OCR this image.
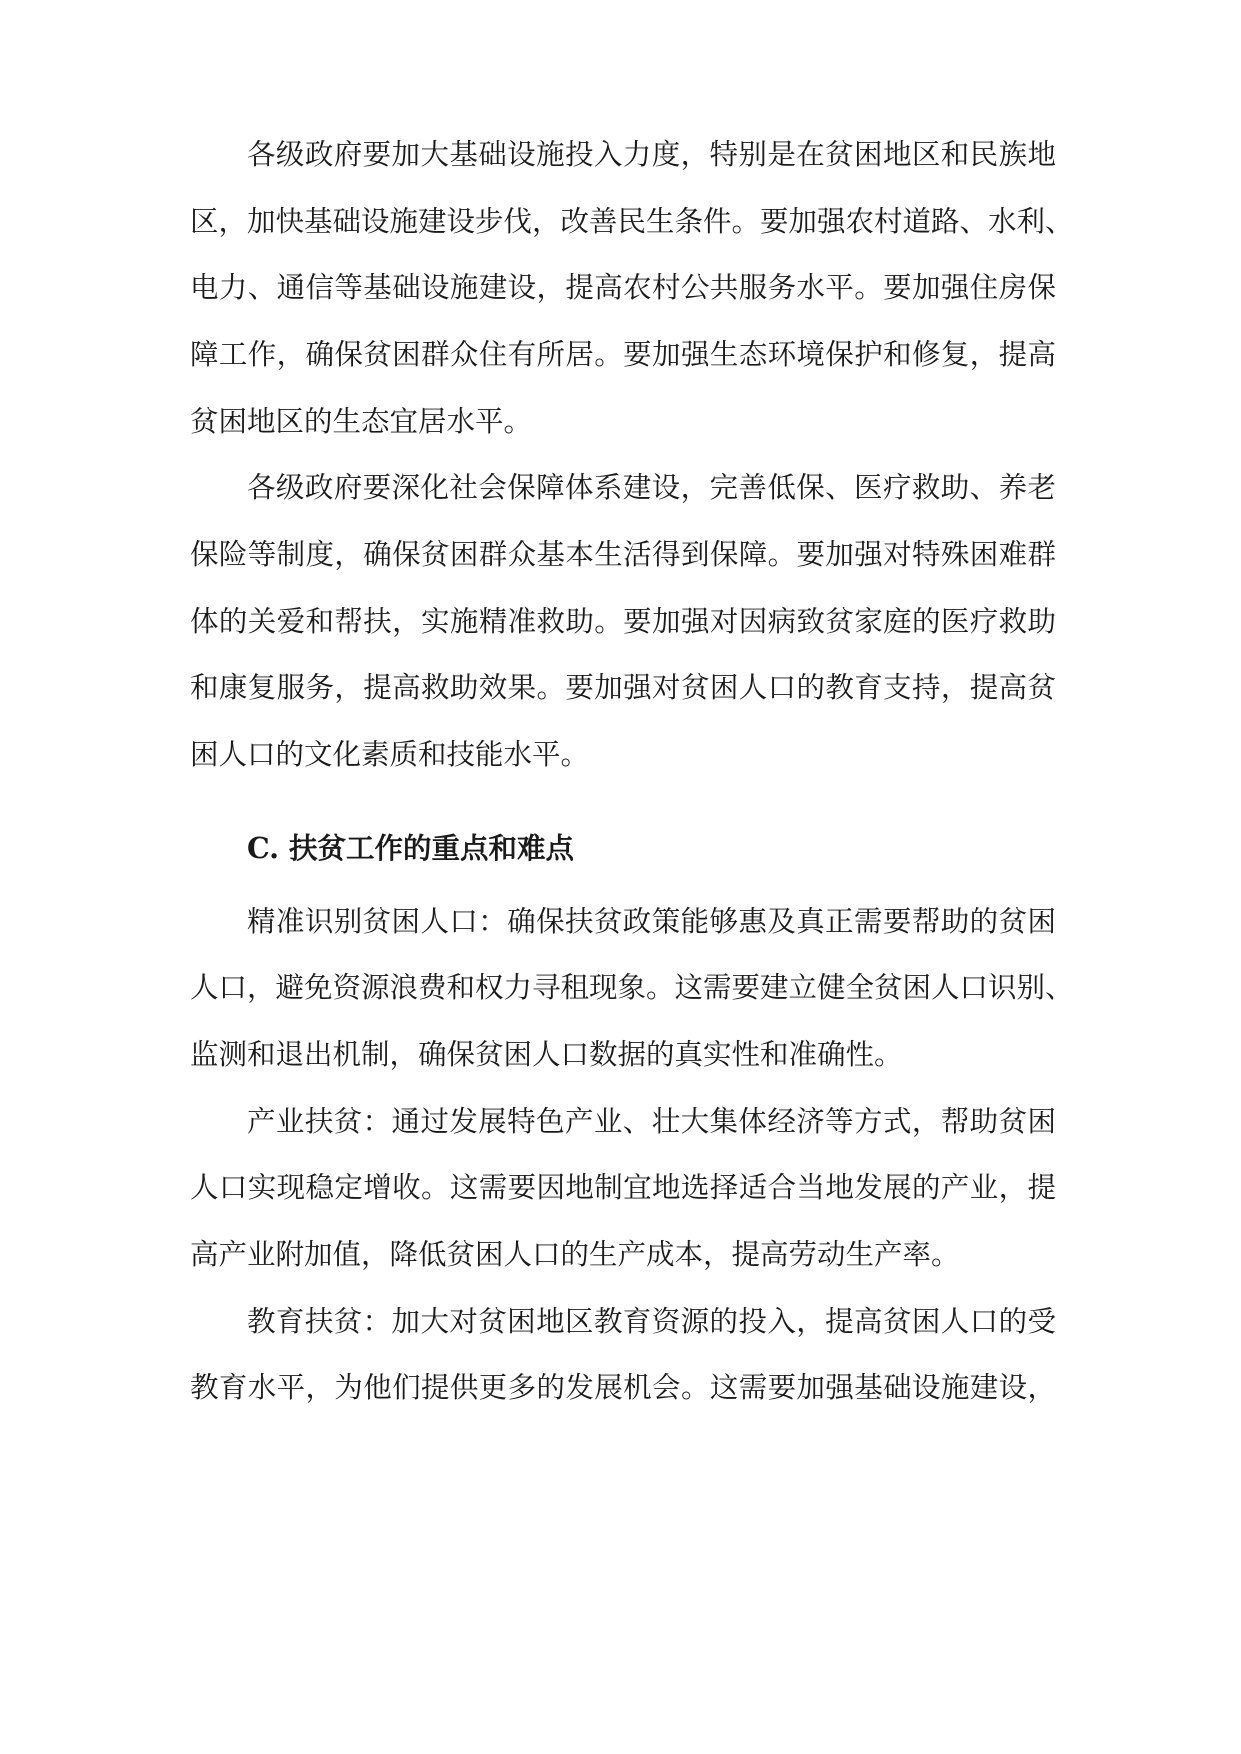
各级政府要加大基础设施投入力度，特别是在贫困地区和民族地
区，加快基础设施建设步伐，改善民生条件。要加强农村道路、水利、
电力、通信等基础设施建设，提高农村公共服务水平。要加强住房保
障工作，确保贫困群众住有所居。要加强生态环境保护和修复，提高
贫困地区的生态宜居水平。
各级政府要深化社会保障体系建设，完善低保、医疗救助、养老
保险等制度，确保贫困群众基本生活得到保障。要加强对特殊困难群
体的关爱和帮扶，实施精准救助。要加强对因病致贫家庭的医疗救助
和康复服务，提高救助效果。要加强对贫困人口的教育支持，提高贫
困人口的文化素质和技能水平。
C. 扶贫工作的重点和难点
精准识别贫困人口：确保扶贫政策能够惠及真正需要帮助的贫困
人口，避免资源浪费和权力寻租现象。这需要建立健全贫困人口识别、
监测和退出机制，确保贫困人口数据的真实性和准确性。
产业扶贫：通过发展特色产业、壮大集体经济等方式，帮助贫困
人口实现稳定增收。这需要因地制宜地选择适合当地发展的产业，提
高产业附加值，降低贫困人口的生产成本，提高劳动生产率。
教育扶贫：加大对贫困地区教育资源的投入，提高贫困人口的受
教育水平，为他们提供更多的发展机会。这需要加强基础设施建设，
